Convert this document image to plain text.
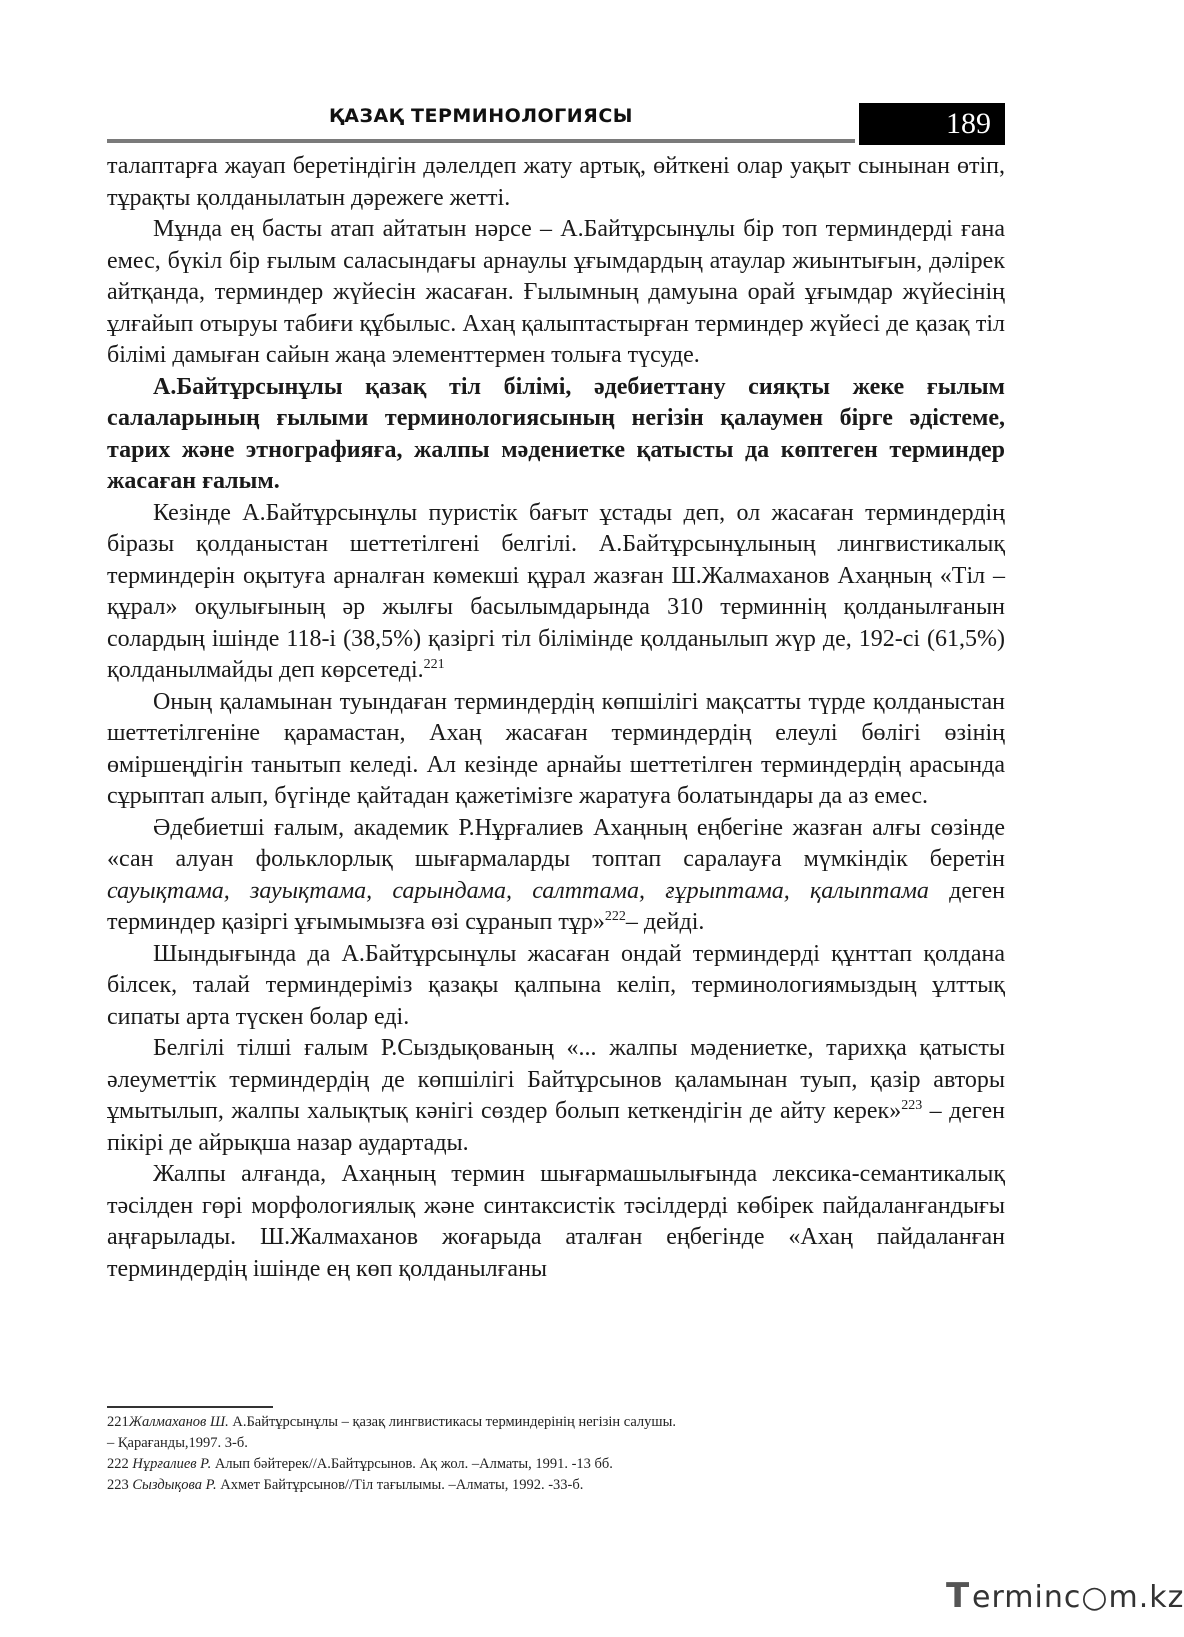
ҚАЗАҚ ТЕРМИНОЛОГИЯСЫ	189

талаптарға жауап беретіндігін дәлелдеп жату артық, өйткені олар уақыт сынынан өтіп, тұрақты қолданылатын дәрежеге жетті.

Мұнда ең басты атап айтатын нәрсе – А.Байтұрсынұлы бір топ терминдерді ғана емес, бүкіл бір ғылым саласындағы арнаулы ұғымдардың атаулар жиынтығын, дәлірек айтқанда, терминдер жүйесін жасаған. Ғылымның дамуына орай ұғымдар жүйесінің ұлғайып отыруы табиғи құбылыс. Ахаң қалыптастырған терминдер жүйесі де қазақ тіл білімі дамыған сайын жаңа элементтермен толыға түсуде.

А.Байтұрсынұлы қазақ тіл білімі, әдебиеттану сияқты жеке ғылым салаларының ғылыми терминологиясының негізін қалаумен бірге әдістеме, тарих және этнографияға, жалпы мәдениетке қатысты да көптеген терминдер жасаған ғалым.

Кезінде А.Байтұрсынұлы пуристік бағыт ұстады деп, ол жасаған терминдердің біразы қолданыстан шеттетілгені белгілі. А.Байтұрсынұлының лингвистикалық терминдерін оқытуға арналған көмекші құрал жазған Ш.Жалмаханов Ахаңның «Тіл – құрал» оқулығының әр жылғы басылымдарында 310 терминнің қолданылғанын солардың ішінде 118-і (38,5%) қазіргі тіл білімінде қолданылып жүр де, 192-сі (61,5%) қолданылмайды деп көрсетеді.$^{221}$

Оның қаламынан туындаған терминдердің көпшілігі мақсатты түрде қолданыстан шеттетілгеніне қарамастан, Ахаң жасаған терминдердің елеулі бөлігі өзінің өміршеңдігін танытып келеді. Ал кезінде арнайы шеттетілген терминдердің арасында сұрыптап алып, бүгінде қайтадан қажетімізге жаратуға болатындары да аз емес.

Әдебиетші ғалым, академик Р.Нұрғалиев Ахаңның еңбегіне жазған алғы сөзінде «сан алуан фольклорлық шығармаларды топтап саралауға мүмкіндік беретін сауықтама, зауықтама, сарындама, салттама, ғұрыптама, қалыптама деген терминдер қазіргі ұғымымызға өзі сұранып тұр»$^{222}$– дейді.

Шындығында да А.Байтұрсынұлы жасаған ондай терминдерді құнттап қолдана білсек, талай терминдеріміз қазақы қалпына келіп, терминологиямыздың ұлттық сипаты арта түскен болар еді.

Белгілі тілші ғалым Р.Сыздықованың «... жалпы мәдениетке, тарихқа қатысты әлеуметтік терминдердің де көпшілігі Байтұрсынов қаламынан туып, қазір авторы ұмытылып, жалпы халықтық кәнігі сөздер болып кеткендігін де айту керек»$^{223}$ – деген пікірі де айрықша назар аудартады.

Жалпы алғанда, Ахаңның термин шығармашылығында лексика-семантикалық тәсілден гөрі морфологиялық және синтаксистік тәсілдерді көбірек пайдаланғандығы аңғарылады. Ш.Жалмаханов жоғарыда аталған еңбегінде «Ахаң пайдаланған терминдердің ішінде ең көп қолданылғаны

221Жалмаханов Ш. А.Байтұрсынұлы – қазақ лингвистикасы терминдерінің негізін салушы.
– Қарағанды,1997. 3-б.
222 Нұрғалиев Р. Алып бәйтерек//А.Байтұрсынов. Ақ жол. –Алматы, 1991. -13 бб.
223 Сыздықова Р. Ахмет Байтұрсынов//Тіл тағылымы. –Алматы, 1992. -33-б.
T erminc○m.kz
